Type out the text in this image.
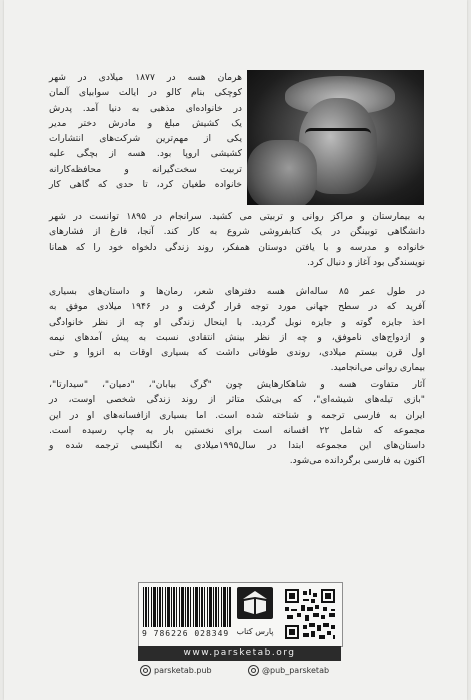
هرمان هسه در ۱۸۷۷ میلادی در شهر
کوچکی بنام کالو در ایالت سوابیای آلمان
در خانواده‌ای مذهبی به دنیا آمد. پدرش
یک کشیش مبلغ و مادرش دختر مدیر
یکی از مهم‌ترین شرکت‌های انتشارات
کشیشی اروپا بود. هسه از بچگی علیه
تربیت سخت‌گیرانه و محافظه‌کارانه
خانواده طغیان کرد، تا حدی که گاهی کار
به بیمارستان و مراکز روانی و تربیتی می‌ کشید. سرانجام در ۱۸۹۵ توانست در شهر
دانشگاهی توبینگن در یک کتابفروشی شروع به کار کند. آنجا، فارغ از فشارهای
خانواده و مدرسه و با یافتن دوستان همفکر، روند زندگی دلخواه خود را که همانا
نویسندگی بود آغاز و دنبال کرد.
در طول عمر ۸۵ ساله‌اش هسه دفترهای شعر، رمان‌ها و داستان‌های بسیاری
آفرید که در سطح جهانی مورد توجه قرار گرفت و در ۱۹۴۶ میلادی موفق به
اخذ جایزه گوته و جایزه نوبل گردید. با اینحال زندگی او چه از نظر خانوادگی
و ازدواج‌های ناموفق، و چه از نظر بینش انتقادی نسبت به پیش آمدهای نیمه
اول قرن بیستم میلادی، روندی طوفانی داشت که بسیاری اوقات به انزوا و حتی
بیماری روانی می‌انجامید.
آثار متفاوت هسه و شاهکارهایش چون "گرگ بیابان"، "دمیان"، "سیدارتا"،
"بازی تیله‌های شیشه‌ای"، که بی‌شک متاثر از روند زندگی شخصی اوست، در
ایران به فارسی ترجمه و شناخته شده است. اما بسیاری ازافسانه‌های او در این
مجموعه که شامل ۲۲ افسانه است برای نخستین بار به چاپ رسیده است.
داستان‌های این مجموعه ابتدا در سال۱۹۹۵میلادی به انگلیسی ترجمه شده و
اکنون به فارسی برگردانده می‌شود.
9 786226 028349 پارس کتاب
www.parsketab.org
parsketab.pub	@pub_parsketab
